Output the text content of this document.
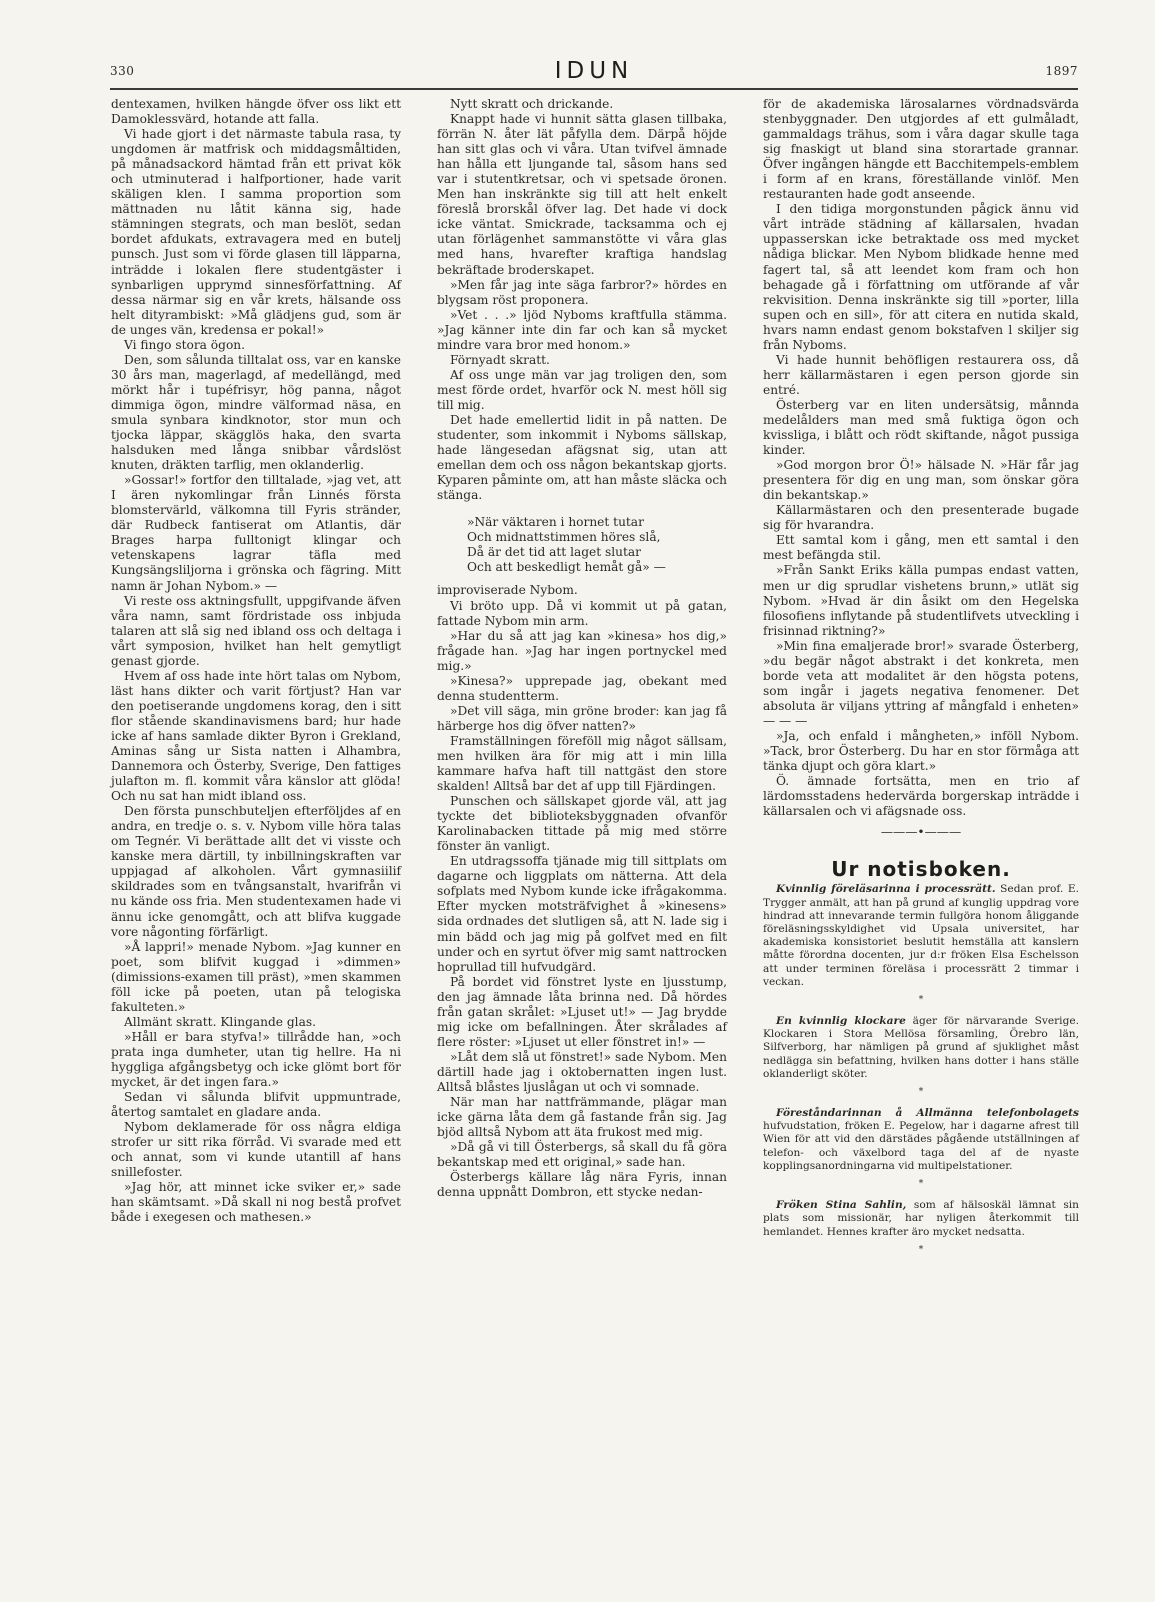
330	IDUN	1897

dentexamen, hvilken hängde öfver oss likt ett Damoklessvärd, hotande att falla.

Vi hade gjort i det närmaste tabula rasa, ty ungdomen är matfrisk och middagsmåltiden, på månadsackord hämtad från ett privat kök och utminuterad i halfportioner, hade varit skäligen klen. I samma proportion som mättnaden nu låtit känna sig, hade stämningen stegrats, och man beslöt, sedan bordet afdukats, extravagera med en butelj punsch. Just som vi förde glasen till läpparna, inträdde i lokalen flere studentgäster i synbarligen upprymd sinnesförfattning. Af dessa närmar sig en vår krets, hälsande oss helt dityrambiskt: »Må glädjens gud, som är de unges vän, kredensa er pokal!»

Vi fingo stora ögon.

Den, som sålunda tilltalat oss, var en kanske 30 års man, magerlagd, af medellängd, med mörkt hår i tupéfrisyr, hög panna, något dimmiga ögon, mindre välformad näsa, en smula synbara kindknotor, stor mun och tjocka läppar, skägglös haka, den svarta halsduken med långa snibbar vårdslöst knuten, dräkten tarflig, men oklanderlig.

»Gossar!» fortfor den tilltalade, »jag vet, att I ären nykomlingar från Linnés första blomstervärld, välkomna till Fyris stränder, där Rudbeck fantiserat om Atlantis, där Brages harpa fulltonigt klingar och vetenskapens lagrar täfla med Kungsängsliljorna i grönska och fägring. Mitt namn är Johan Nybom.» —

Vi reste oss aktningsfullt, uppgifvande äfven våra namn, samt fördristade oss inbjuda talaren att slå sig ned ibland oss och deltaga i vårt symposion, hvilket han helt gemytligt genast gjorde.

Hvem af oss hade inte hört talas om Nybom, läst hans dikter och varit förtjust? Han var den poetiserande ungdomens korag, den i sitt flor stående skandinavismens bard; hur hade icke af hans samlade dikter Byron i Grekland, Aminas sång ur Sista natten i Alhambra, Dannemora och Österby, Sverige, Den fattiges julafton m. fl. kommit våra känslor att glöda! Och nu sat han midt ibland oss.

Den första punschbuteljen efterföljdes af en andra, en tredje o. s. v. Nybom ville höra talas om Tegnér. Vi berättade allt det vi visste och kanske mera därtill, ty inbillningskraften var uppjagad af alkoholen. Vårt gymnasiilif skildrades som en tvångsanstalt, hvarifrån vi nu kände oss fria. Men studentexamen hade vi ännu icke genomgått, och att blifva kuggade vore någonting förfärligt.

»Å lappri!» menade Nybom. »Jag kunner en poet, som blifvit kuggad i »dimmen» (dimissions-examen till präst), »men skammen föll icke på poeten, utan på telogiska fakulteten.»

Allmänt skratt. Klingande glas.

»Håll er bara styfva!» tillrådde han, »och prata inga dumheter, utan tig hellre. Ha ni hyggliga afgångsbetyg och icke glömt bort för mycket, är det ingen fara.»

Sedan vi sålunda blifvit uppmuntrade, återtog samtalet en gladare anda.

Nybom deklamerade för oss några eldiga strofer ur sitt rika förråd. Vi svarade med ett och annat, som vi kunde utantill af hans snillefoster.

»Jag hör, att minnet icke sviker er,» sade han skämtsamt. »Då skall ni nog bestå profvet både i exegesen och mathesen.»

Nytt skratt och drickande.

Knappt hade vi hunnit sätta glasen tillbaka, förrän N. åter lät påfylla dem. Därpå höjde han sitt glas och vi våra. Utan tvifvel ämnade han hålla ett ljungande tal, såsom hans sed var i stutentkretsar, och vi spetsade öronen. Men han inskränkte sig till att helt enkelt föreslå brorskål öfver lag. Det hade vi dock icke väntat. Smickrade, tacksamma och ej utan förlägenhet sammanstötte vi våra glas med hans, hvarefter kraftiga handslag bekräftade broderskapet.

»Men får jag inte säga farbror?» hördes en blygsam röst proponera.

»Vet . . .» ljöd Nyboms kraftfulla stämma. »Jag känner inte din far och kan så mycket mindre vara bror med honom.»

Förnyadt skratt.

Af oss unge män var jag troligen den, som mest förde ordet, hvarför ock N. mest höll sig till mig.

Det hade emellertid lidit in på natten. De studenter, som inkommit i Nyboms sällskap, hade längesedan afägsnat sig, utan att emellan dem och oss någon bekantskap gjorts. Kyparen påminte om, att han måste släcka och stänga.

»När väktaren i hornet tutar
Och midnattstimmen höres slå,
Då är det tid att laget slutar
Och att beskedligt hemåt gå» —

improviserade Nybom.

Vi bröto upp. Då vi kommit ut på gatan, fattade Nybom min arm.

»Har du så att jag kan »kinesa» hos dig,» frågade han. »Jag har ingen portnyckel med mig.»

»Kinesa?» upprepade jag, obekant med denna studentterm.

»Det vill säga, min gröne broder: kan jag få härberge hos dig öfver natten?»

Framställningen föreföll mig något sällsam, men hvilken ära för mig att i min lilla kammare hafva haft till nattgäst den store skalden! Alltså bar det af upp till Fjärdingen.

Punschen och sällskapet gjorde väl, att jag tyckte det biblioteksbyggnaden ofvanför Karolinabacken tittade på mig med större fönster än vanligt.

En utdragssoffa tjänade mig till sittplats om dagarne och liggplats om nätterna. Att dela sofplats med Nybom kunde icke ifrågakomma. Efter mycken motsträfvighet å »kinesens» sida ordnades det slutligen så, att N. lade sig i min bädd och jag mig på golfvet med en filt under och en syrtut öfver mig samt nattrocken hoprullad till hufvudgärd.

På bordet vid fönstret lyste en ljusstump, den jag ämnade låta brinna ned. Då hördes från gatan skrålet: »Ljuset ut!» — Jag brydde mig icke om befallningen. Åter skrålades af flere röster: »Ljuset ut eller fönstret in!» —

»Låt dem slå ut fönstret!» sade Nybom. Men därtill hade jag i oktobernatten ingen lust. Alltså blåstes ljuslågan ut och vi somnade.

När man har nattfrämmande, plägar man icke gärna låta dem gå fastande från sig. Jag bjöd alltså Nybom att äta frukost med mig.

»Då gå vi till Österbergs, så skall du få göra bekantskap med ett original,» sade han.

Österbergs källare låg nära Fyris, innan denna uppnått Dombron, ett stycke nedan-

för de akademiska lärosalarnes vördnadsvärda stenbyggnader. Den utgjordes af ett gulmåladt, gammaldags trähus, som i våra dagar skulle taga sig fnaskigt ut bland sina storartade grannar. Öfver ingången hängde ett Bacchitempels-emblem i form af en krans, föreställande vinlöf. Men restauranten hade godt anseende.

I den tidiga morgonstunden pågick ännu vid vårt inträde städning af källarsalen, hvadan uppasserskan icke betraktade oss med mycket nådiga blickar. Men Nybom blidkade henne med fagert tal, så att leendet kom fram och hon behagade gå i författning om utförande af vår rekvisition. Denna inskränkte sig till »porter, lilla supen och en sill», för att citera en nutida skald, hvars namn endast genom bokstafven l skiljer sig från Nyboms.

Vi hade hunnit behöfligen restaurera oss, då herr källarmästaren i egen person gjorde sin entré.

Österberg var en liten undersätsig, månnda medelålders man med små fuktiga ögon och kvissliga, i blått och rödt skiftande, något pussiga kinder.

»God morgon bror Ö!» hälsade N. »Här får jag presentera för dig en ung man, som önskar göra din bekantskap.»

Källarmästaren och den presenterade bugade sig för hvarandra.

Ett samtal kom i gång, men ett samtal i den mest befängda stil.

»Från Sankt Eriks källa pumpas endast vatten, men ur dig sprudlar vishetens brunn,» utlät sig Nybom. »Hvad är din åsikt om den Hegelska filosofiens inflytande på studentlifvets utveckling i frisinnad riktning?»

»Min fina emaljerade bror!» svarade Österberg, »du begär något abstrakt i det konkreta, men borde veta att modalitet är den högsta potens, som ingår i jagets negativa fenomener. Det absoluta är viljans yttring af mångfald i enheten» — — —

»Ja, och enfald i mångheten,» inföll Nybom. »Tack, bror Österberg. Du har en stor förmåga att tänka djupt och göra klart.»

Ö. ämnade fortsätta, men en trio af lärdomsstadens hedervärda borgerskap inträdde i källarsalen och vi afägsnade oss.

———•———
Ur notisboken.

Kvinnlig föreläsarinna i processrätt. Sedan prof. E. Trygger anmält, att han på grund af kunglig uppdrag vore hindrad att innevarande termin fullgöra honom åliggande föreläsningsskyldighet vid Upsala universitet, har akademiska konsistoriet beslutit hemställa att kanslern måtte förordna docenten, jur d:r fröken Elsa Eschelsson att under terminen föreläsa i processrätt 2 timmar i veckan.

*

En kvinnlig klockare äger för närvarande Sverige. Klockaren i Stora Mellösa församling, Örebro län, Silfverborg, har nämligen på grund af sjuklighet måst nedlägga sin befattning, hvilken hans dotter i hans ställe oklanderligt sköter.

*

Föreståndarinnan å Allmänna telefonbolagets hufvudstation, fröken E. Pegelow, har i dagarne afrest till Wien för att vid den därstädes pågående utställningen af telefon- och växelbord taga del af de nyaste kopplingsanordningarna vid multipelstationer.

*

Fröken Stina Sahlin, som af hälsoskäl lämnat sin plats som missionär, har nyligen återkommit till hemlandet. Hennes krafter äro mycket nedsatta.

*
